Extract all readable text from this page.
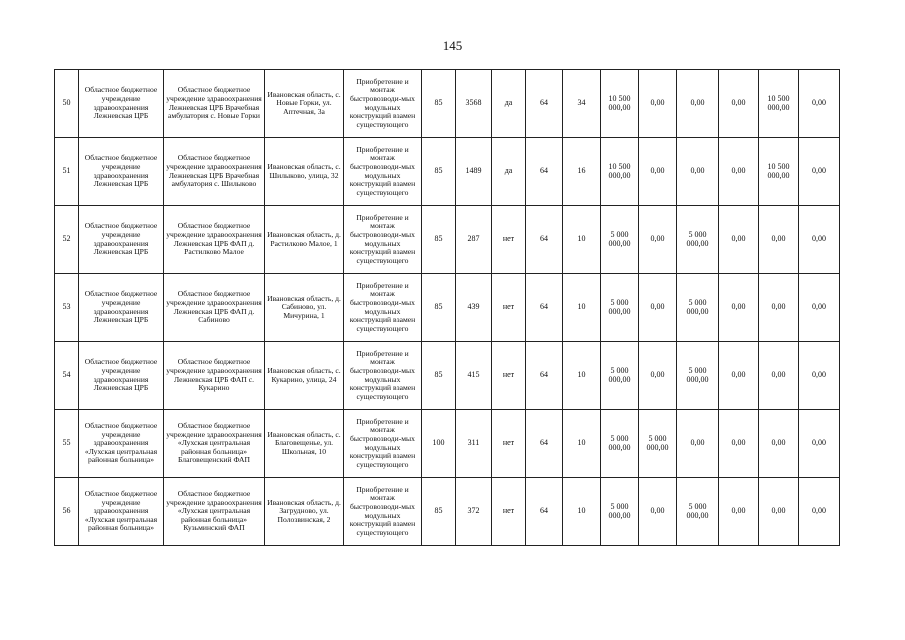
145
50	Областное бюджетное учреждение здравоохранения Лежневская ЦРБ	Областное бюджетное учреждение здравоохранения Лежневская ЦРБ Врачебная амбулатория с. Новые Горки	Ивановская область, с. Новые Горки, ул. Аптечная, 3а	Приобретение и монтаж быстровозводи-мых модульных конструкций взамен существующего	85	3568	да	64	34	10 500 000,00	0,00	0,00	0,00	10 500 000,00	0,00
51	Областное бюджетное учреждение здравоохранения Лежневская ЦРБ	Областное бюджетное учреждение здравоохранения Лежневская ЦРБ Врачебная амбулатория с. Шилыково	Ивановская область, с. Шилыково, улица, 32	Приобретение и монтаж быстровозводи-мых модульных конструкций взамен существующего	85	1489	да	64	16	10 500 000,00	0,00	0,00	0,00	10 500 000,00	0,00
52	Областное бюджетное учреждение здравоохранения Лежневская ЦРБ	Областное бюджетное учреждение здравоохранения Лежневская ЦРБ ФАП д. Растилково Малое	Ивановская область, д. Растилково Малое, 1	Приобретение и монтаж быстровозводи-мых модульных конструкций взамен существующего	85	287	нет	64	10	5 000 000,00	0,00	5 000 000,00	0,00	0,00	0,00
53	Областное бюджетное учреждение здравоохранения Лежневская ЦРБ	Областное бюджетное учреждение здравоохранения Лежневская ЦРБ ФАП д. Сабиново	Ивановская область, д. Сабиново, ул. Мичурина, 1	Приобретение и монтаж быстровозводи-мых модульных конструкций взамен существующего	85	439	нет	64	10	5 000 000,00	0,00	5 000 000,00	0,00	0,00	0,00
54	Областное бюджетное учреждение здравоохранения Лежневская ЦРБ	Областное бюджетное учреждение здравоохранения Лежневская ЦРБ ФАП с. Кукарино	Ивановская область, с. Кукарино, улица, 24	Приобретение и монтаж быстровозводи-мых модульных конструкций взамен существующего	85	415	нет	64	10	5 000 000,00	0,00	5 000 000,00	0,00	0,00	0,00
55	Областное бюджетное учреждение здравоохранения «Лухская центральная районная больница»	Областное бюджетное учреждение здравоохранения «Лухская центральная районная больница» Благовещенский ФАП	Ивановская область, с. Благовещенье, ул. Школьная, 10	Приобретение и монтаж быстровозводи-мых модульных конструкций взамен существующего	100	311	нет	64	10	5 000 000,00	5 000 000,00	0,00	0,00	0,00	0,00
56	Областное бюджетное учреждение здравоохранения «Лухская центральная районная больница»	Областное бюджетное учреждение здравоохранения «Лухская центральная районная больница» Кузьминский ФАП	Ивановская область, д. Загрудново, ул. Полозвинская, 2	Приобретение и монтаж быстровозводи-мых модульных конструкций взамен существующего	85	372	нет	64	10	5 000 000,00	0,00	5 000 000,00	0,00	0,00	0,00
